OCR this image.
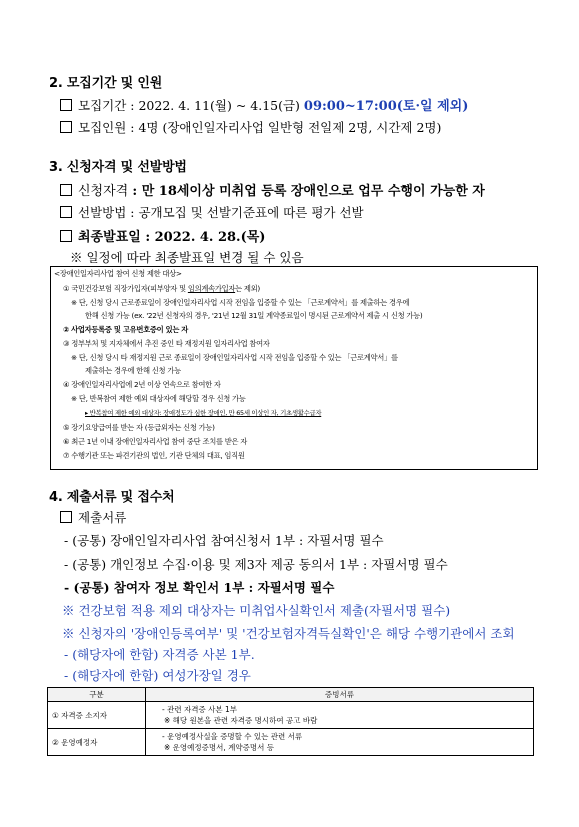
2. 모집기간 및 인원
모집기간 : 2022. 4. 11(월) ~ 4.15(금) 09:00~17:00(토·일 제외)
모집인원 : 4명 (장애인일자리사업 일반형 전일제 2명, 시간제 2명)
3. 신청자격 및 선발방법
신청자격 : 만 18세이상 미취업 등록 장애인으로 업무 수행이 가능한 자
선발방법 : 공개모집 및 선발기준표에 따른 평가 선발
최종발표일 : 2022. 4. 28.(목)
※ 일정에 따라 최종발표일 변경 될 수 있음
<장애인일자리사업 참여 신청 제한 대상>
① 국민건강보험 직장가입자(피부양자 및 임의계속가입자는 제외)
※ 단, 신청 당시 근로종료일이 장애인일자리사업 시작 전임을 입증할 수 있는 「근로계약서」를 제출하는 경우에
한해 신청 가능 (ex. '22년 신청자의 경우, '21년 12월 31일 계약종료일이 명시된 근로계약서 제출 시 신청 가능)
② 사업자등록증 및 고유번호증이 있는 자
③ 정부부처 및 지자체에서 추진 중인 타 재정지원 일자리사업 참여자
※ 단, 신청 당시 타 재정지원 근로 종료일이 장애인일자리사업 시작 전임을 입증할 수 있는 「근로계약서」를
제출하는 경우에 한해 신청 가능
④ 장애인일자리사업에 2년 이상 연속으로 참여한 자
※ 단, 반복참여 제한 예외 대상자에 해당할 경우 신청 가능
▸ 반복참여 제한 예외 대상자: 장애정도가 심한 장애인, 만 65세 이상인 자, 기초생활수급자
⑤ 장기요양급여를 받는 자 (등급외자는 신청 가능)
⑥ 최근 1년 이내 장애인일자리사업 참여 중단 조치를 받은 자
⑦ 수행기관 또는 파견기관의 법인, 기관 단체의 대표, 임직원
4. 제출서류 및 접수처
제출서류
- (공통) 장애인일자리사업 참여신청서 1부 : 자필서명 필수
- (공통) 개인정보 수집·이용 및 제3자 제공 동의서 1부 : 자필서명 필수
- (공통) 참여자 정보 확인서 1부 : 자필서명 필수
※ 건강보험 적용 제외 대상자는 미취업사실확인서 제출(자필서명 필수)
※ 신청자의 '장애인등록여부' 및 '건강보험자격득실확인'은 해당 수행기관에서 조회
- (해당자에 한함) 자격증 사본 1부.
- (해당자에 한함) 여성가장일 경우
구분	증빙서류
① 자격증 소지자	- 관련 자격증 사본 1부
※ 해당 원본을 관련 자격증 명시하여 공고 바람

② 운영예정자	- 운영예정사실을 증명할 수 있는 관련 서류
※ 운영예정증명서, 계약증명서 등
